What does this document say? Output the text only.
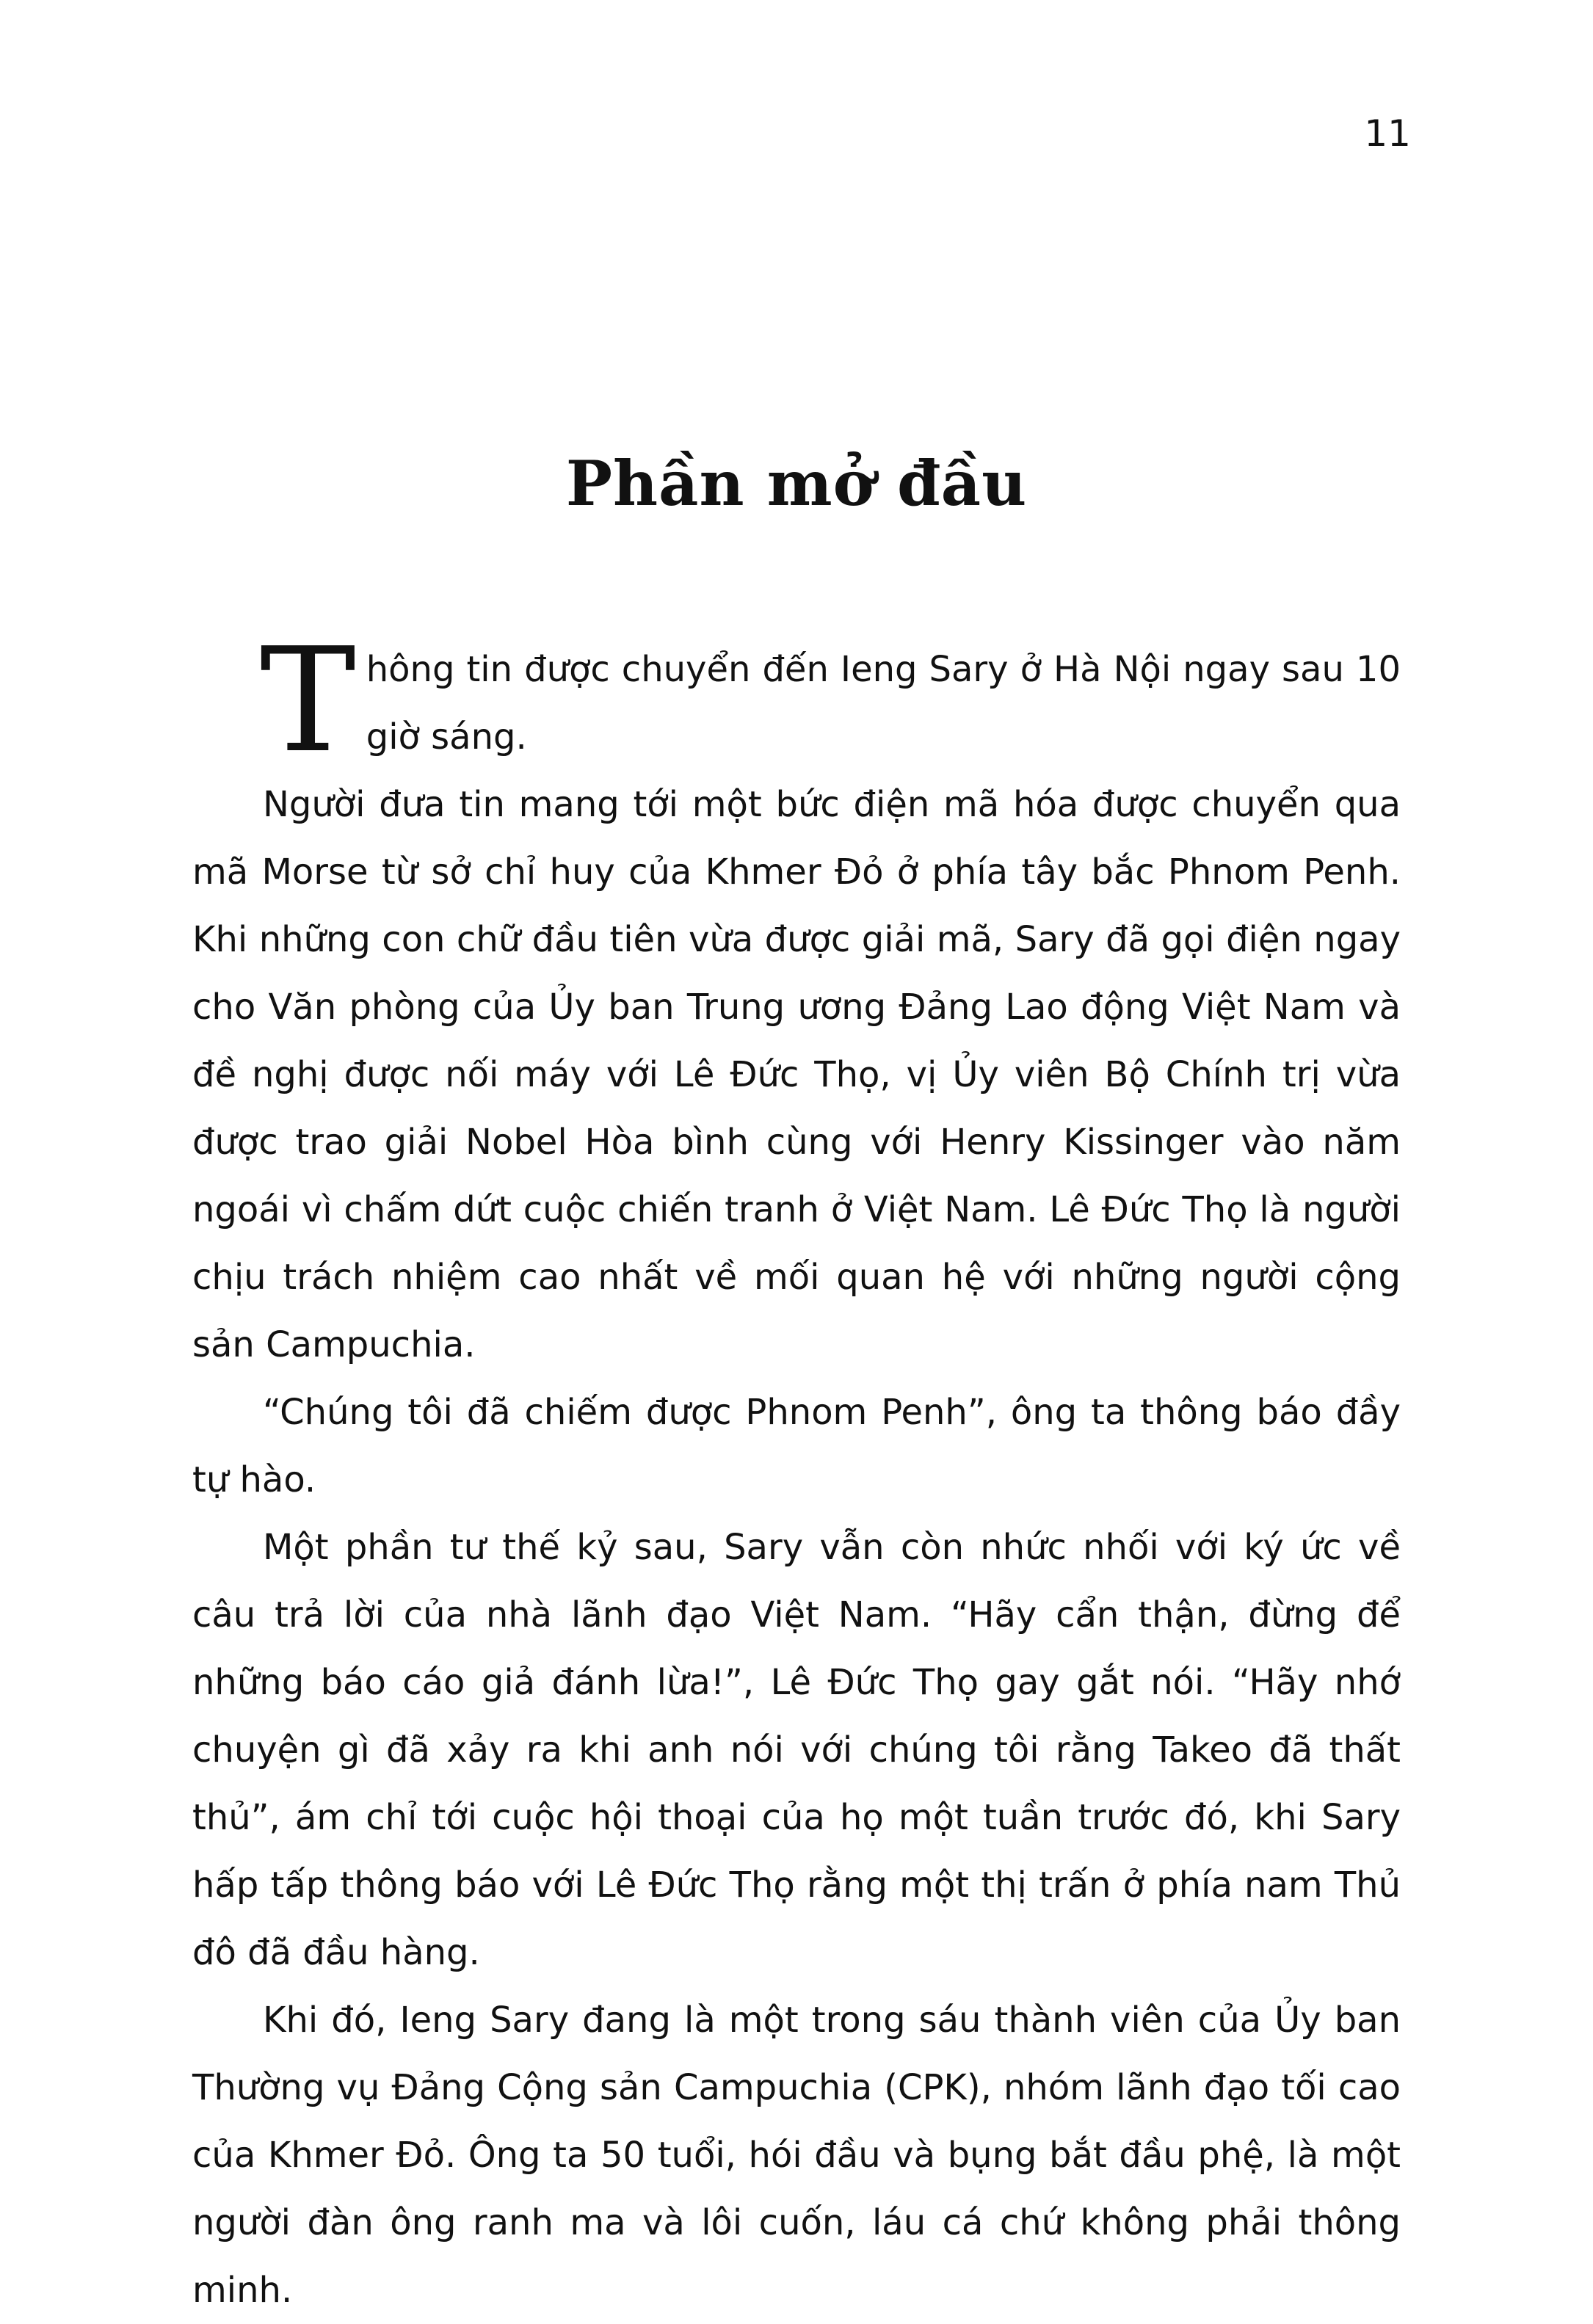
11
Phần mở đầu

Thông tin được chuyển đến Ieng Sary ở Hà Nội ngay sau 10 giờ sáng.

Người đưa tin mang tới một bức điện mã hóa được chuyển qua mã Morse từ sở chỉ huy của Khmer Đỏ ở phía tây bắc Phnom Penh. Khi những con chữ đầu tiên vừa được giải mã, Sary đã gọi điện ngay cho Văn phòng của Ủy ban Trung ương Đảng Lao động Việt Nam và đề nghị được nối máy với Lê Đức Thọ, vị Ủy viên Bộ Chính trị vừa được trao giải Nobel Hòa bình cùng với Henry Kissinger vào năm ngoái vì chấm dứt cuộc chiến tranh ở Việt Nam. Lê Đức Thọ là người chịu trách nhiệm cao nhất về mối quan hệ với những người cộng sản Campuchia.

“Chúng tôi đã chiếm được Phnom Penh”, ông ta thông báo đầy tự hào.

Một phần tư thế kỷ sau, Sary vẫn còn nhức nhối với ký ức về câu trả lời của nhà lãnh đạo Việt Nam. “Hãy cẩn thận, đừng để những báo cáo giả đánh lừa!”, Lê Đức Thọ gay gắt nói. “Hãy nhớ chuyện gì đã xảy ra khi anh nói với chúng tôi rằng Takeo đã thất thủ”, ám chỉ tới cuộc hội thoại của họ một tuần trước đó, khi Sary hấp tấp thông báo với Lê Đức Thọ rằng một thị trấn ở phía nam Thủ đô đã đầu hàng.

Khi đó, Ieng Sary đang là một trong sáu thành viên của Ủy ban Thường vụ Đảng Cộng sản Campuchia (CPK), nhóm lãnh đạo tối cao của Khmer Đỏ. Ông ta 50 tuổi, hói đầu và bụng bắt đầu phệ, là một người đàn ông ranh ma và lôi cuốn, láu cá chứ không phải thông minh.
